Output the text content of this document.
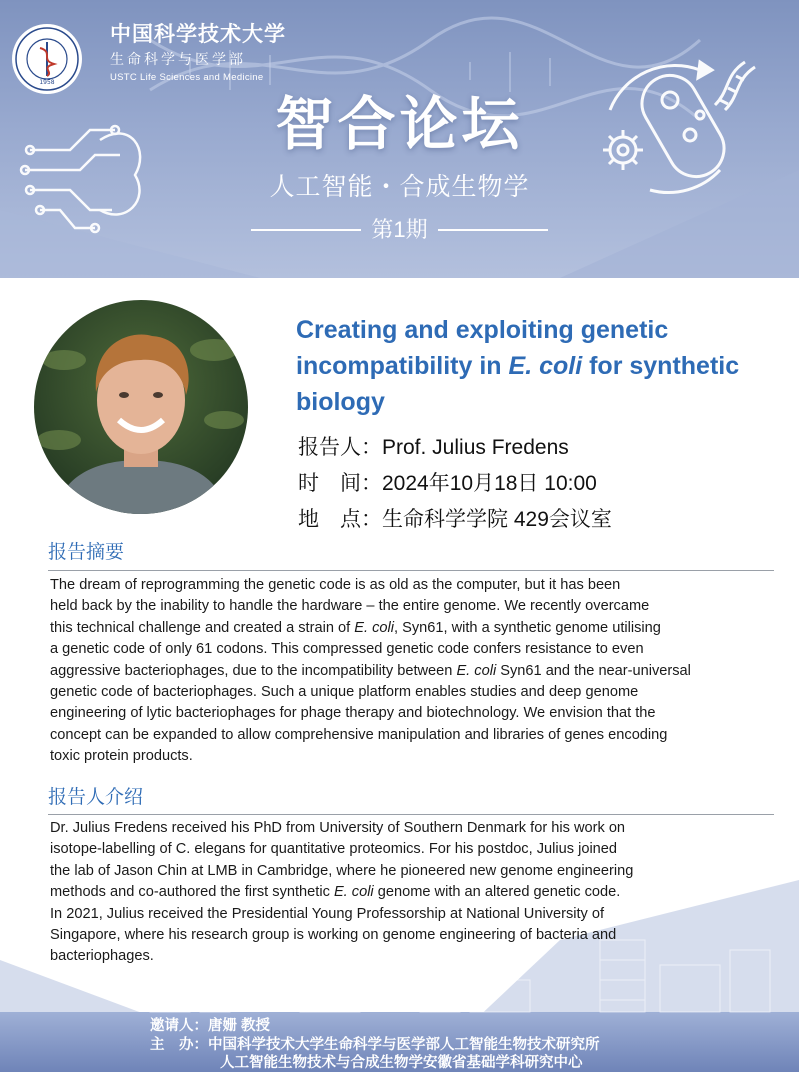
1958
中国科学技术大学
生命科学与医学部
USTC Life Sciences and Medicine
智合论坛
人工智能・合成生物学
第1期
Creating and exploiting genetic incompatibility in E. coli for synthetic biology
报告人：Prof. Julius Fredens
时　间：2024年10月18日 10:00
地　点：生命科学学院 429会议室
报告摘要
The dream of reprogramming the genetic code is as old as the computer, but it has been
held back by the inability to handle the hardware – the entire genome. We recently overcame
this technical challenge and created a strain of E. coli, Syn61, with a synthetic genome utilising
a genetic code of only 61 codons. This compressed genetic code confers resistance to even
aggressive bacteriophages, due to the incompatibility between E. coli Syn61 and the near-universal
genetic code of bacteriophages. Such a unique platform enables studies and deep genome
engineering of lytic bacteriophages for phage therapy and biotechnology. We envision that the
concept can be expanded to allow comprehensive manipulation and libraries of genes encoding
toxic protein products.
报告人介绍
Dr. Julius Fredens received his PhD from University of Southern Denmark for his work on
isotope-labelling of C. elegans for quantitative proteomics. For his postdoc, Julius joined
the lab of Jason Chin at LMB in Cambridge, where he pioneered new genome engineering
methods and co-authored the first synthetic E. coli genome with an altered genetic code.
In 2021, Julius received the Presidential Young Professorship at National University of
Singapore, where his research group is working on genome engineering of bacteria and
bacteriophages.
邀请人：唐姗 教授
主　办：中国科学技术大学生命科学与医学部人工智能生物技术研究所
人工智能生物技术与合成生物学安徽省基础学科研究中心
